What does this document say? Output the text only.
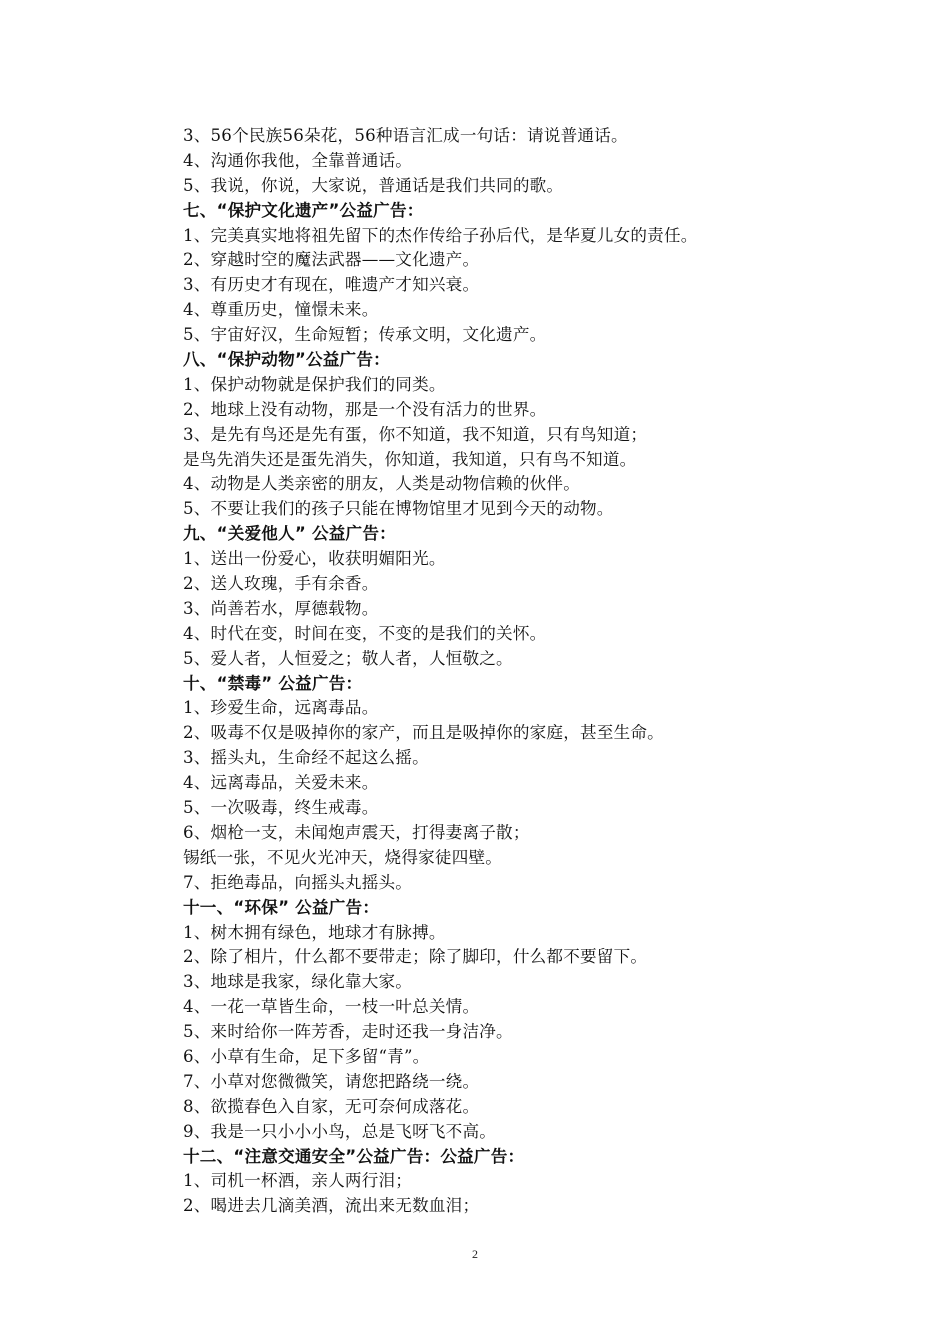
3、56个民族56朵花，56种语言汇成一句话：请说普通话。
4、沟通你我他，全靠普通话。
5、我说，你说，大家说，普通话是我们共同的歌。
七、“保护文化遗产”公益广告：
1、完美真实地将祖先留下的杰作传给子孙后代，是华夏儿女的责任。
2、穿越时空的魔法武器——文化遗产。
3、有历史才有现在，唯遗产才知兴衰。
4、尊重历史，憧憬未来。
5、宇宙好汉，生命短暂；传承文明，文化遗产。
八、“保护动物”公益广告：
1、保护动物就是保护我们的同类。
2、地球上没有动物，那是一个没有活力的世界。
3、是先有鸟还是先有蛋，你不知道，我不知道，只有鸟知道；
是鸟先消失还是蛋先消失，你知道，我知道，只有鸟不知道。
4、动物是人类亲密的朋友，人类是动物信赖的伙伴。
5、不要让我们的孩子只能在博物馆里才见到今天的动物。
九、“关爱他人” 公益广告：
1、送出一份爱心，收获明媚阳光。
2、送人玫瑰，手有余香。
3、尚善若水，厚德载物。
4、时代在变，时间在变，不变的是我们的关怀。
5、爱人者，人恒爱之；敬人者，人恒敬之。
十、“禁毒” 公益广告：
1、珍爱生命，远离毒品。
2、吸毒不仅是吸掉你的家产，而且是吸掉你的家庭，甚至生命。
3、摇头丸，生命经不起这么摇。
4、远离毒品，关爱未来。
5、一次吸毒，终生戒毒。
6、烟枪一支，未闻炮声震天，打得妻离子散；
锡纸一张，不见火光冲天，烧得家徒四壁。
7、拒绝毒品，向摇头丸摇头。
十一、“环保” 公益广告：
1、树木拥有绿色，地球才有脉搏。
2、除了相片，什么都不要带走；除了脚印，什么都不要留下。
3、地球是我家，绿化靠大家。
4、一花一草皆生命，一枝一叶总关情。
5、来时给你一阵芳香，走时还我一身洁净。
6、小草有生命，足下多留“青”。
7、小草对您微微笑，请您把路绕一绕。
8、欲揽春色入自家，无可奈何成落花。
9、我是一只小小小鸟，总是飞呀飞不高。
十二、“注意交通安全”公益广告：公益广告：
1、司机一杯酒，亲人两行泪；
2、喝进去几滴美酒，流出来无数血泪；
2
